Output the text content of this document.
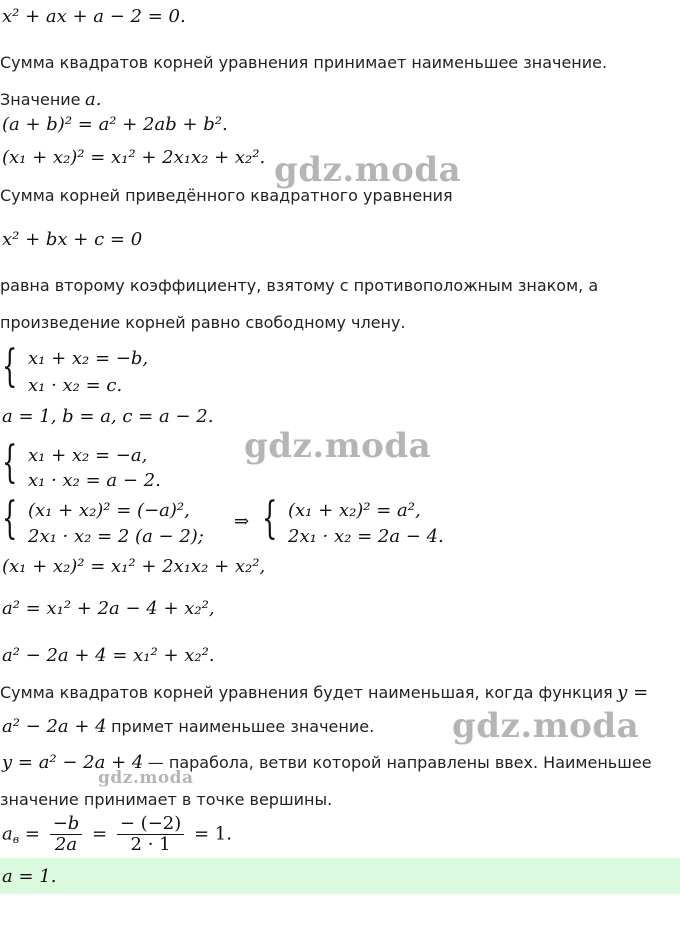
x² + ax + a − 2 = 0.
Сумма квадратов корней уравнения принимает наименьшее значение.
Значение a.
(a + b)² = a² + 2ab + b².
(x₁ + x₂)² = x₁² + 2x₁x₂ + x₂².
Сумма корней приведённого квадратного уравнения
x² + bx + c = 0
равна второму коэффициенту, взятому с противоположным знаком, а
произведение корней равно свободному члену.
{ x₁ + x₂ = −b,
x₁ · x₂ = c.
a = 1, b = a, c = a − 2.
{ x₁ + x₂ = −a,
x₁ · x₂ = a − 2.
{ (x₁ + x₂)² = (−a)²,
2x₁ · x₂ = 2 (a − 2);
⇒ { (x₁ + x₂)² = a²,
2x₁ · x₂ = 2a − 4.
(x₁ + x₂)² = x₁² + 2x₁x₂ + x₂²,
a² = x₁² + 2a − 4 + x₂²,
a² − 2a + 4 = x₁² + x₂².
Сумма квадратов корней уравнения будет наименьшая, когда функция y =
a² − 2a + 4 примет наименьшее значение.
y = a² − 2a + 4 — парабола, ветви которой направлены ввех. Наименьшее
значение принимает в точке вершины.
$a_в = \frac{-b}{2a} = \frac{- (-2)}{2 \cdot 1} = 1$.
a = 1.
gdz.moda
gdz.moda
gdz.moda
gdz.moda
